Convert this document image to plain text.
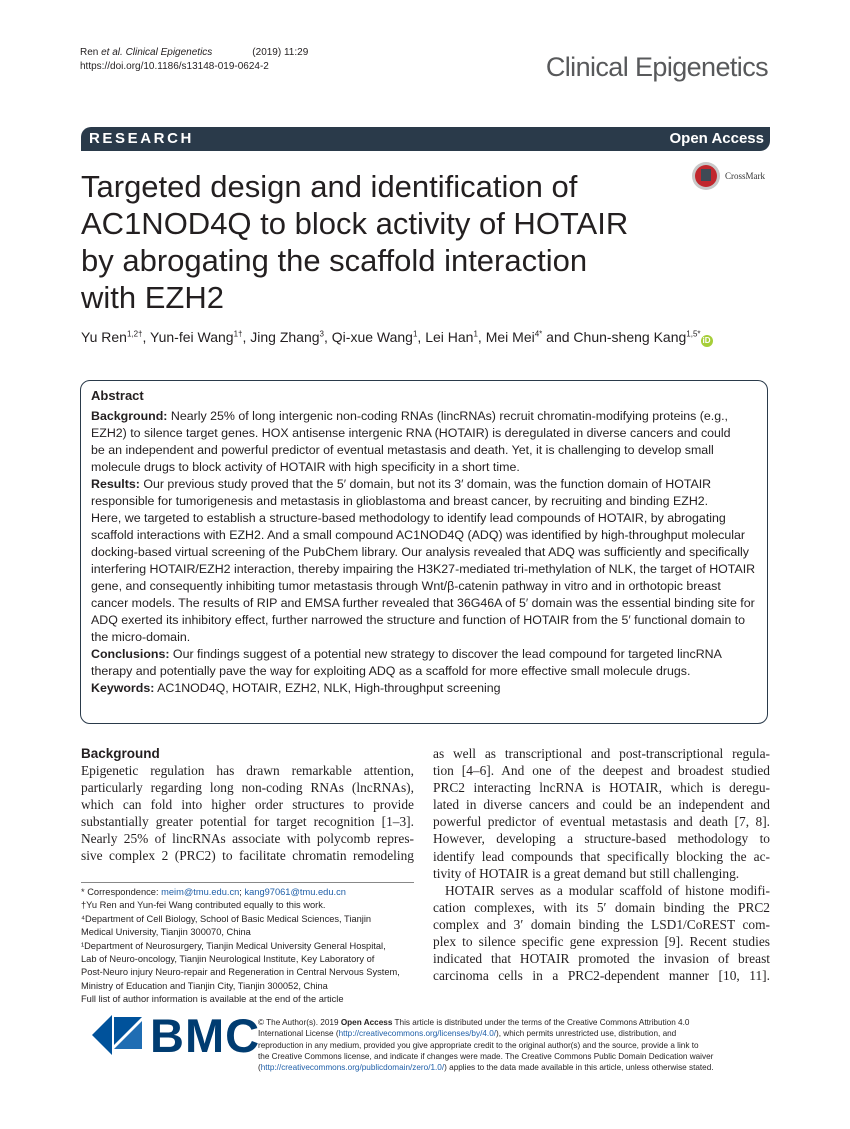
Ren et al. Clinical Epigenetics	(2019) 11:29
https://doi.org/10.1186/s13148-019-0624-2	Clinical Epigenetics
RESEARCH	Open Access
CrossMark
Targeted design and identification of
AC1NOD4Q to block activity of HOTAIR
by abrogating the scaffold interaction
with EZH2
Yu Ren$^{1,2\dagger}$, Yun-fei Wang$^{1\dagger}$, Jing Zhang$^3$, Qi-xue Wang$^1$, Lei Han$^1$, Mei Mei$^{4*}$ and Chun-sheng Kang$^{1,5*}$iD
Abstract

Background: Nearly 25% of long intergenic non-coding RNAs (lincRNAs) recruit chromatin-modifying proteins (e.g.,
EZH2) to silence target genes. HOX antisense intergenic RNA (HOTAIR) is deregulated in diverse cancers and could
be an independent and powerful predictor of eventual metastasis and death. Yet, it is challenging to develop small
molecule drugs to block activity of HOTAIR with high specificity in a short time.

Results: Our previous study proved that the 5′ domain, but not its 3′ domain, was the function domain of HOTAIR
responsible for tumorigenesis and metastasis in glioblastoma and breast cancer, by recruiting and binding EZH2.
Here, we targeted to establish a structure-based methodology to identify lead compounds of HOTAIR, by abrogating
scaffold interactions with EZH2. And a small compound AC1NOD4Q (ADQ) was identified by high-throughput molecular
docking-based virtual screening of the PubChem library. Our analysis revealed that ADQ was sufficiently and specifically
interfering HOTAIR/EZH2 interaction, thereby impairing the H3K27-mediated tri-methylation of NLK, the target of HOTAIR
gene, and consequently inhibiting tumor metastasis through Wnt/β-catenin pathway in vitro and in orthotopic breast
cancer models. The results of RIP and EMSA further revealed that 36G46A of 5′ domain was the essential binding site for
ADQ exerted its inhibitory effect, further narrowed the structure and function of HOTAIR from the 5′ functional domain to
the micro-domain.

Conclusions: Our findings suggest of a potential new strategy to discover the lead compound for targeted lincRNA
therapy and potentially pave the way for exploiting ADQ as a scaffold for more effective small molecule drugs.

Keywords: AC1NOD4Q, HOTAIR, EZH2, NLK, High-throughput screening

Background
Epigenetic regulation has drawn remarkable attention,
particularly regarding long non-coding RNAs (lncRNAs),
which can fold into higher order structures to provide
substantially greater potential for target recognition [1–3].
Nearly 25% of lincRNAs associate with polycomb repres-
sive complex 2 (PRC2) to facilitate chromatin remodeling
as well as transcriptional and post-transcriptional regula-
tion [4–6]. And one of the deepest and broadest studied
PRC2 interacting lncRNA is HOTAIR, which is deregu-
lated in diverse cancers and could be an independent and
powerful predictor of eventual metastasis and death [7, 8].
However, developing a structure-based methodology to
identify lead compounds that specifically blocking the ac-
tivity of HOTAIR is a great demand but still challenging.
HOTAIR serves as a modular scaffold of histone modifi-
cation complexes, with its 5′ domain binding the PRC2
complex and 3′ domain binding the LSD1/CoREST com-
plex to silence specific gene expression [9]. Recent studies
indicated that HOTAIR promoted the invasion of breast
carcinoma cells in a PRC2-dependent manner [10, 11].
* Correspondence: meim@tmu.edu.cn; kang97061@tmu.edu.cn
†Yu Ren and Yun-fei Wang contributed equally to this work.
⁴Department of Cell Biology, School of Basic Medical Sciences, Tianjin
Medical University, Tianjin 300070, China
¹Department of Neurosurgery, Tianjin Medical University General Hospital,
Lab of Neuro-oncology, Tianjin Neurological Institute, Key Laboratory of
Post-Neuro injury Neuro-repair and Regeneration in Central Nervous System,
Ministry of Education and Tianjin City, Tianjin 300052, China
Full list of author information is available at the end of the article
BMC
© The Author(s). 2019 Open Access This article is distributed under the terms of the Creative Commons Attribution 4.0
International License (http://creativecommons.org/licenses/by/4.0/), which permits unrestricted use, distribution, and
reproduction in any medium, provided you give appropriate credit to the original author(s) and the source, provide a link to
the Creative Commons license, and indicate if changes were made. The Creative Commons Public Domain Dedication waiver
(http://creativecommons.org/publicdomain/zero/1.0/) applies to the data made available in this article, unless otherwise stated.
